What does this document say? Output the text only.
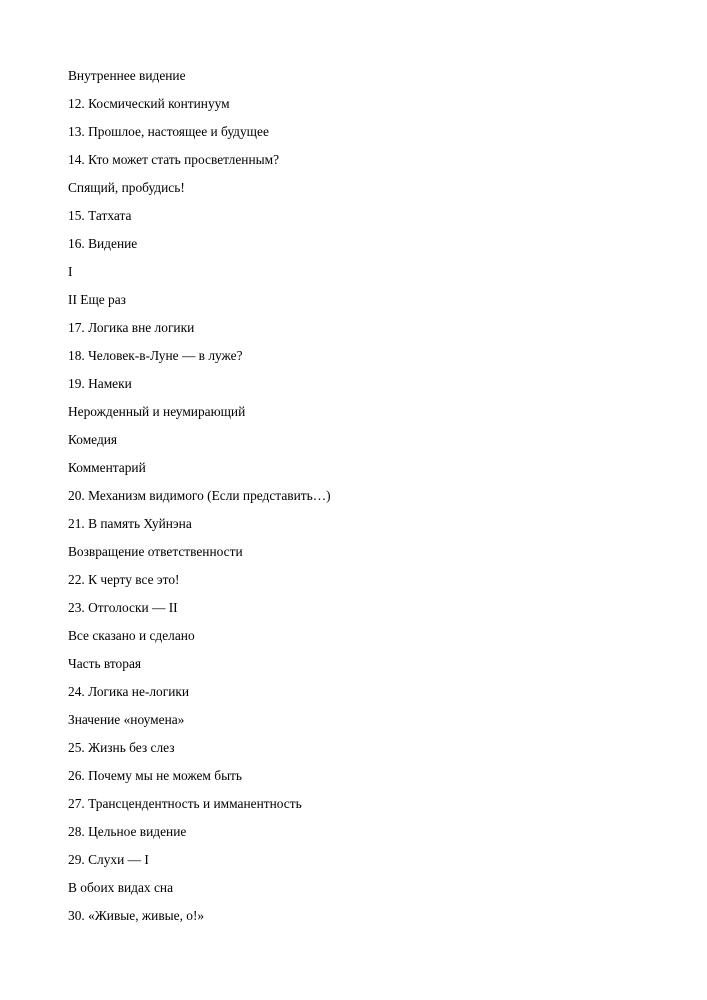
Внутреннее видение
12. Космический континуум
13. Прошлое, настоящее и будущее
14. Кто может стать просветленным?
Спящий, пробудись!
15. Татхата
16. Видение
I
II Еще раз
17. Логика вне логики
18. Человек-в-Луне — в луже?
19. Намеки
Нерожденный и неумирающий
Комедия
Комментарий
20. Механизм видимого (Если представить…)
21. В память Хуйнэна
Возвращение ответственности
22. К черту все это!
23. Отголоски — II
Все сказано и сделано
Часть вторая
24. Логика не-логики
Значение «ноумена»
25. Жизнь без слез
26. Почему мы не можем быть
27. Трансцендентность и имманентность
28. Цельное видение
29. Слухи — I
В обоих видах сна
30. «Живые, живые, о!»
